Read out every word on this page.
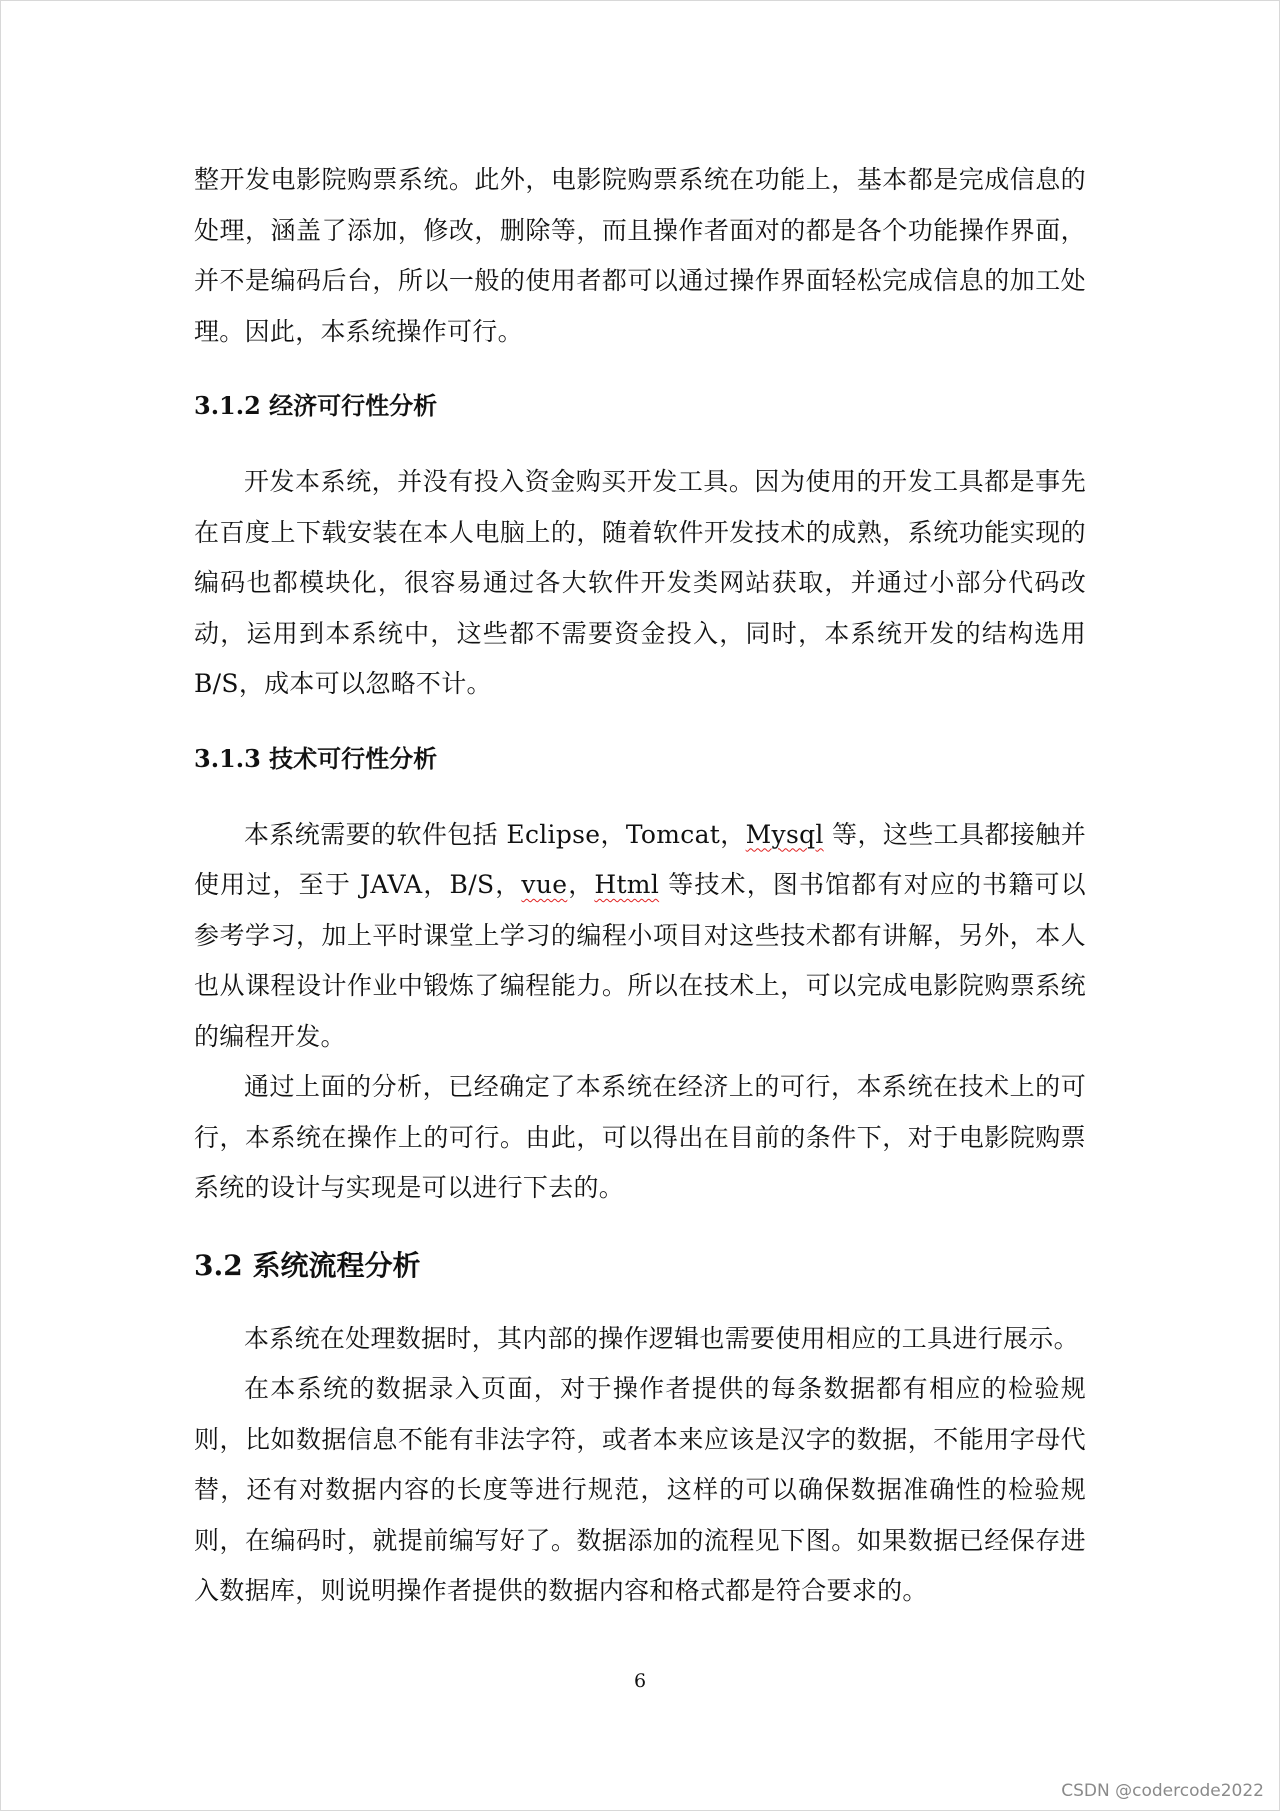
整开发电影院购票系统。此外，电影院购票系统在功能上，基本都是完成信息的处理，涵盖了添加，修改，删除等，而且操作者面对的都是各个功能操作界面，并不是编码后台，所以一般的使用者都可以通过操作界面轻松完成信息的加工处理。因此，本系统操作可行。

3.1.2 经济可行性分析

开发本系统，并没有投入资金购买开发工具。因为使用的开发工具都是事先在百度上下载安装在本人电脑上的，随着软件开发技术的成熟，系统功能实现的编码也都模块化，很容易通过各大软件开发类网站获取，并通过小部分代码改动，运用到本系统中，这些都不需要资金投入，同时，本系统开发的结构选用 B/S，成本可以忽略不计。

3.1.3 技术可行性分析

本系统需要的软件包括 Eclipse，Tomcat，Mysql 等，这些工具都接触并使用过，至于 JAVA，B/S，vue，Html 等技术，图书馆都有对应的书籍可以参考学习，加上平时课堂上学习的编程小项目对这些技术都有讲解，另外，本人也从课程设计作业中锻炼了编程能力。所以在技术上，可以完成电影院购票系统的编程开发。

通过上面的分析，已经确定了本系统在经济上的可行，本系统在技术上的可行，本系统在操作上的可行。由此，可以得出在目前的条件下，对于电影院购票系统的设计与实现是可以进行下去的。

3.2 系统流程分析

本系统在处理数据时，其内部的操作逻辑也需要使用相应的工具进行展示。

在本系统的数据录入页面，对于操作者提供的每条数据都有相应的检验规则，比如数据信息不能有非法字符，或者本来应该是汉字的数据，不能用字母代替，还有对数据内容的长度等进行规范，这样的可以确保数据准确性的检验规则，在编码时，就提前编写好了。数据添加的流程见下图。如果数据已经保存进入数据库，则说明操作者提供的数据内容和格式都是符合要求的。

6
CSDN @codercode2022
